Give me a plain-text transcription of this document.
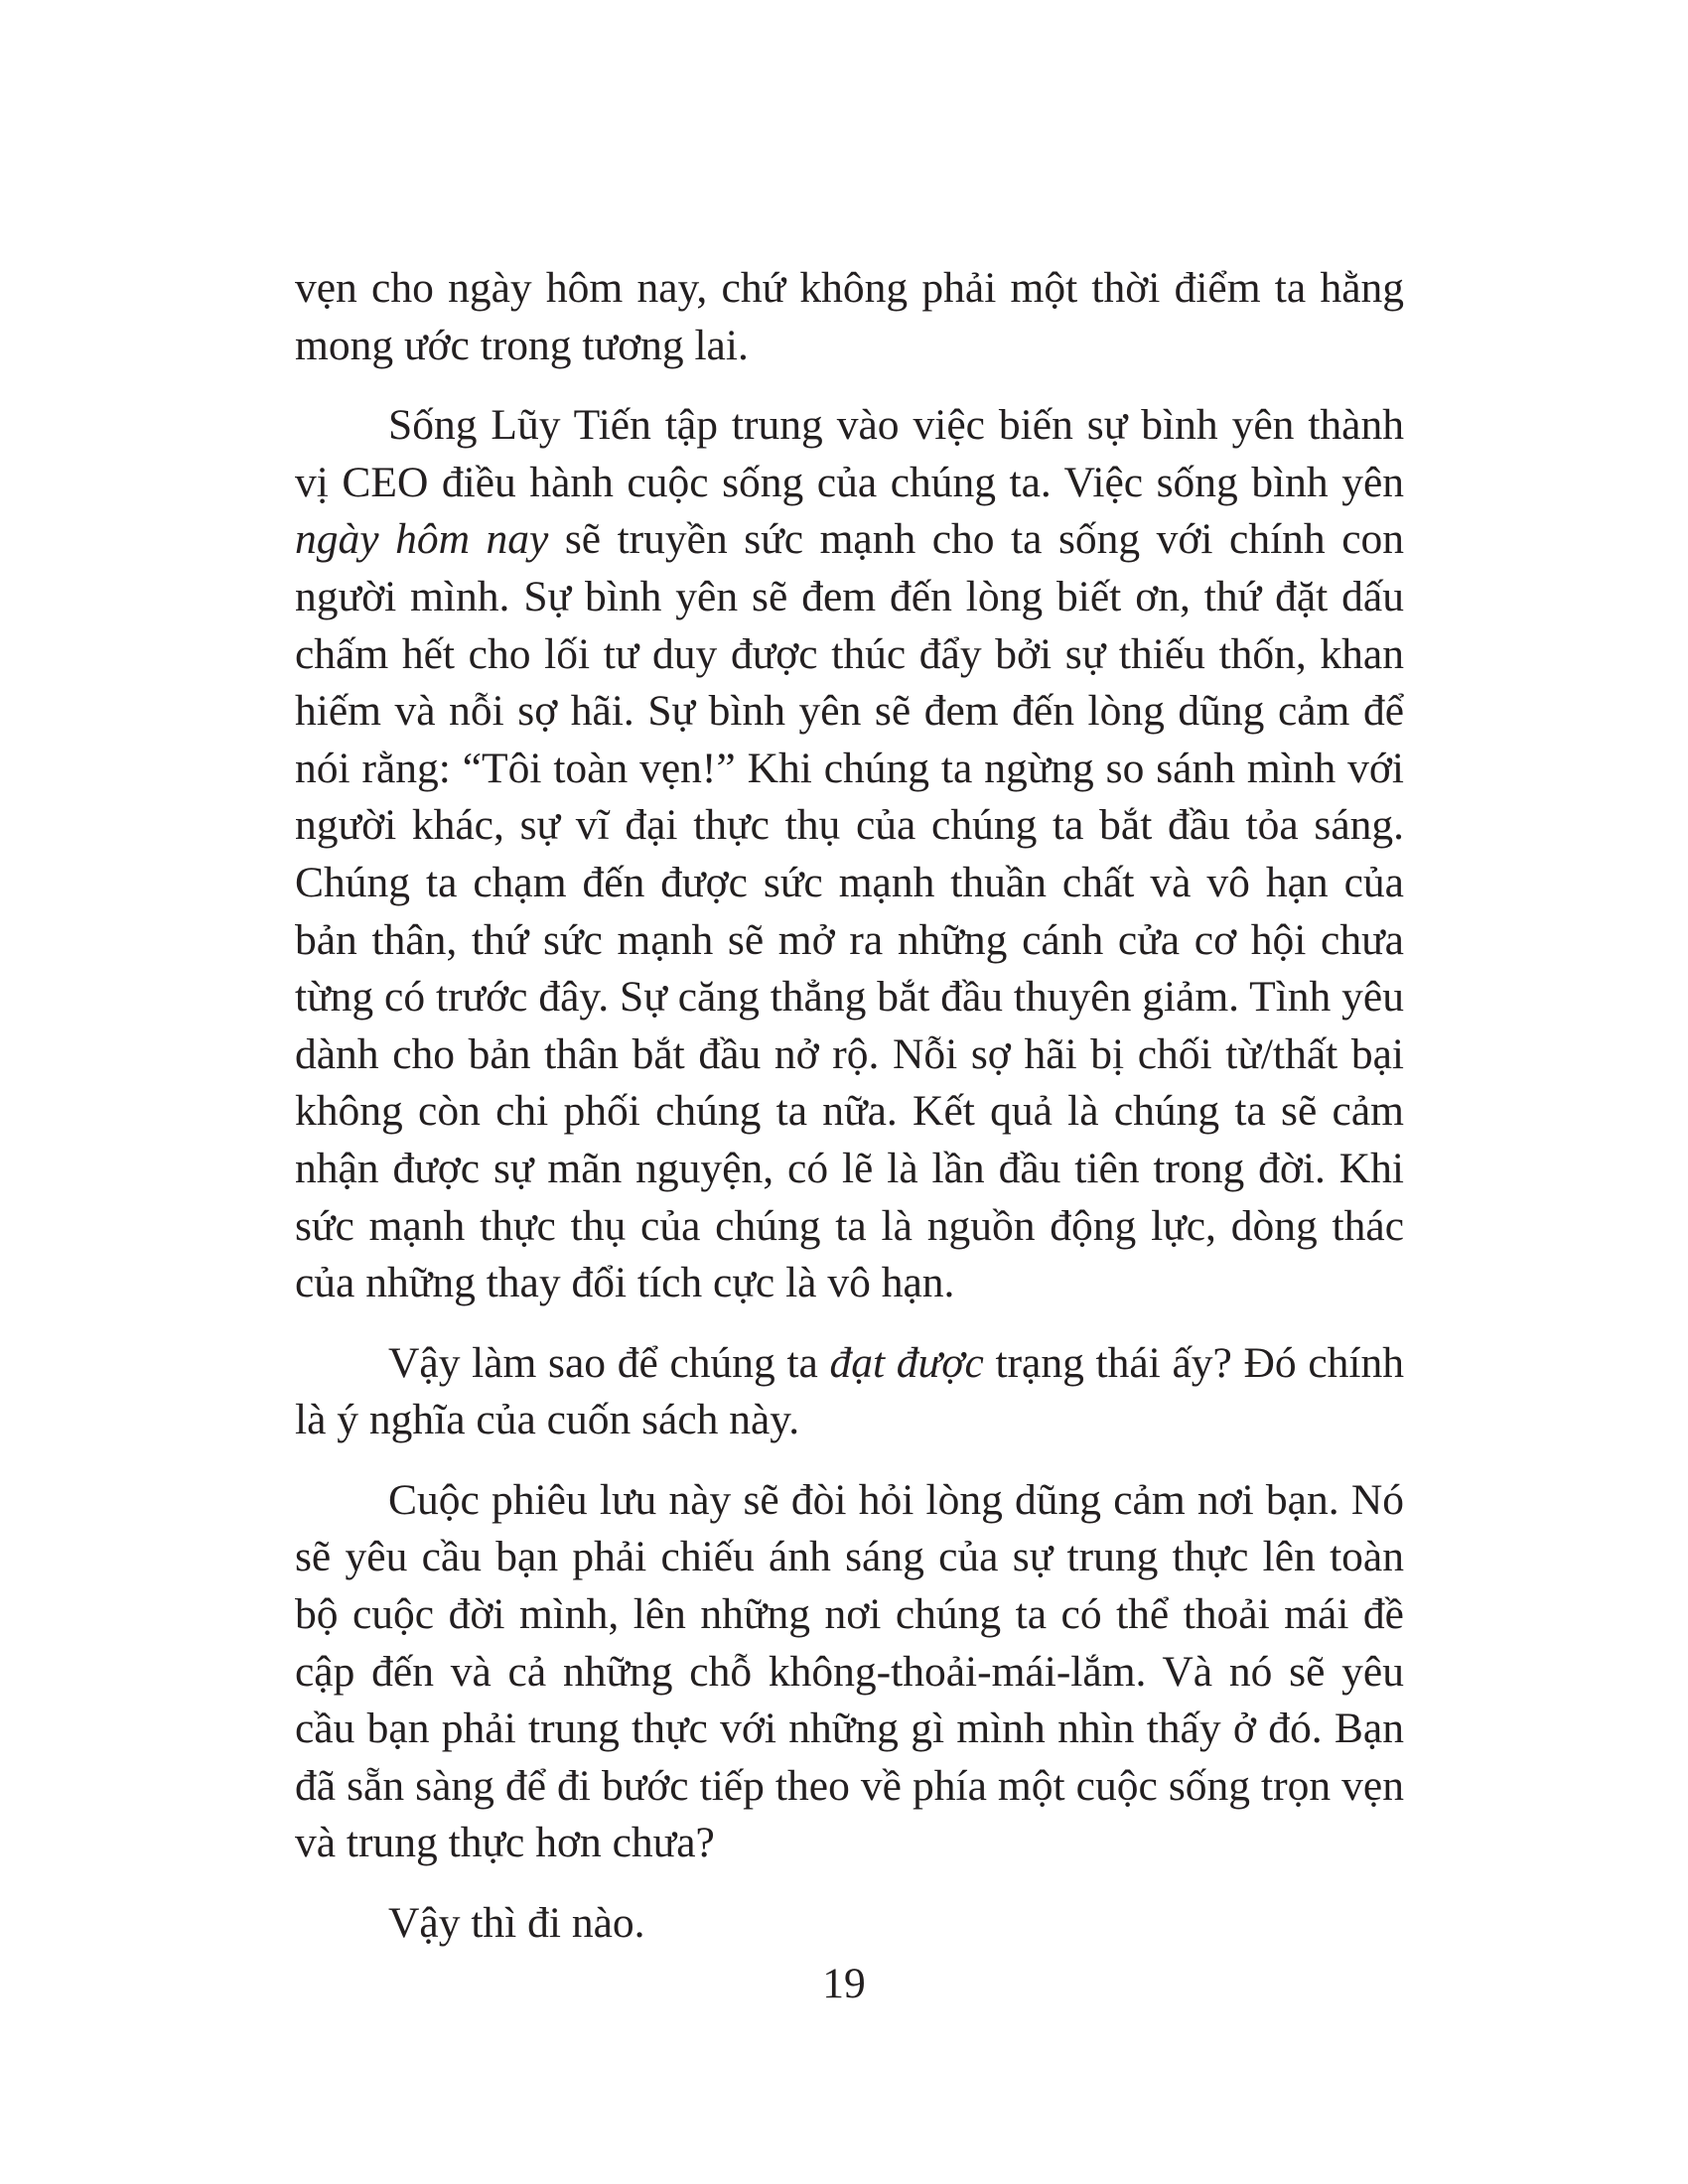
vẹn cho ngày hôm nay, chứ không phải một thời điểm ta hằng mong ước trong tương lai.

Sống Lũy Tiến tập trung vào việc biến sự bình yên thành vị CEO điều hành cuộc sống của chúng ta. Việc sống bình yên ngày hôm nay sẽ truyền sức mạnh cho ta sống với chính con người mình. Sự bình yên sẽ đem đến lòng biết ơn, thứ đặt dấu chấm hết cho lối tư duy được thúc đẩy bởi sự thiếu thốn, khan hiếm và nỗi sợ hãi. Sự bình yên sẽ đem đến lòng dũng cảm để nói rằng: “Tôi toàn vẹn!” Khi chúng ta ngừng so sánh mình với người khác, sự vĩ đại thực thụ của chúng ta bắt đầu tỏa sáng. Chúng ta chạm đến được sức mạnh thuần chất và vô hạn của bản thân, thứ sức mạnh sẽ mở ra những cánh cửa cơ hội chưa từng có trước đây. Sự căng thẳng bắt đầu thuyên giảm. Tình yêu dành cho bản thân bắt đầu nở rộ. Nỗi sợ hãi bị chối từ/thất bại không còn chi phối chúng ta nữa. Kết quả là chúng ta sẽ cảm nhận được sự mãn nguyện, có lẽ là lần đầu tiên trong đời. Khi sức mạnh thực thụ của chúng ta là nguồn động lực, dòng thác của những thay đổi tích cực là vô hạn.

Vậy làm sao để chúng ta đạt được trạng thái ấy? Đó chính là ý nghĩa của cuốn sách này.

Cuộc phiêu lưu này sẽ đòi hỏi lòng dũng cảm nơi bạn. Nó sẽ yêu cầu bạn phải chiếu ánh sáng của sự trung thực lên toàn bộ cuộc đời mình, lên những nơi chúng ta có thể thoải mái đề cập đến và cả những chỗ không-thoải-mái-lắm. Và nó sẽ yêu cầu bạn phải trung thực với những gì mình nhìn thấy ở đó. Bạn đã sẵn sàng để đi bước tiếp theo về phía một cuộc sống trọn vẹn và trung thực hơn chưa?

Vậy thì đi nào.

19
